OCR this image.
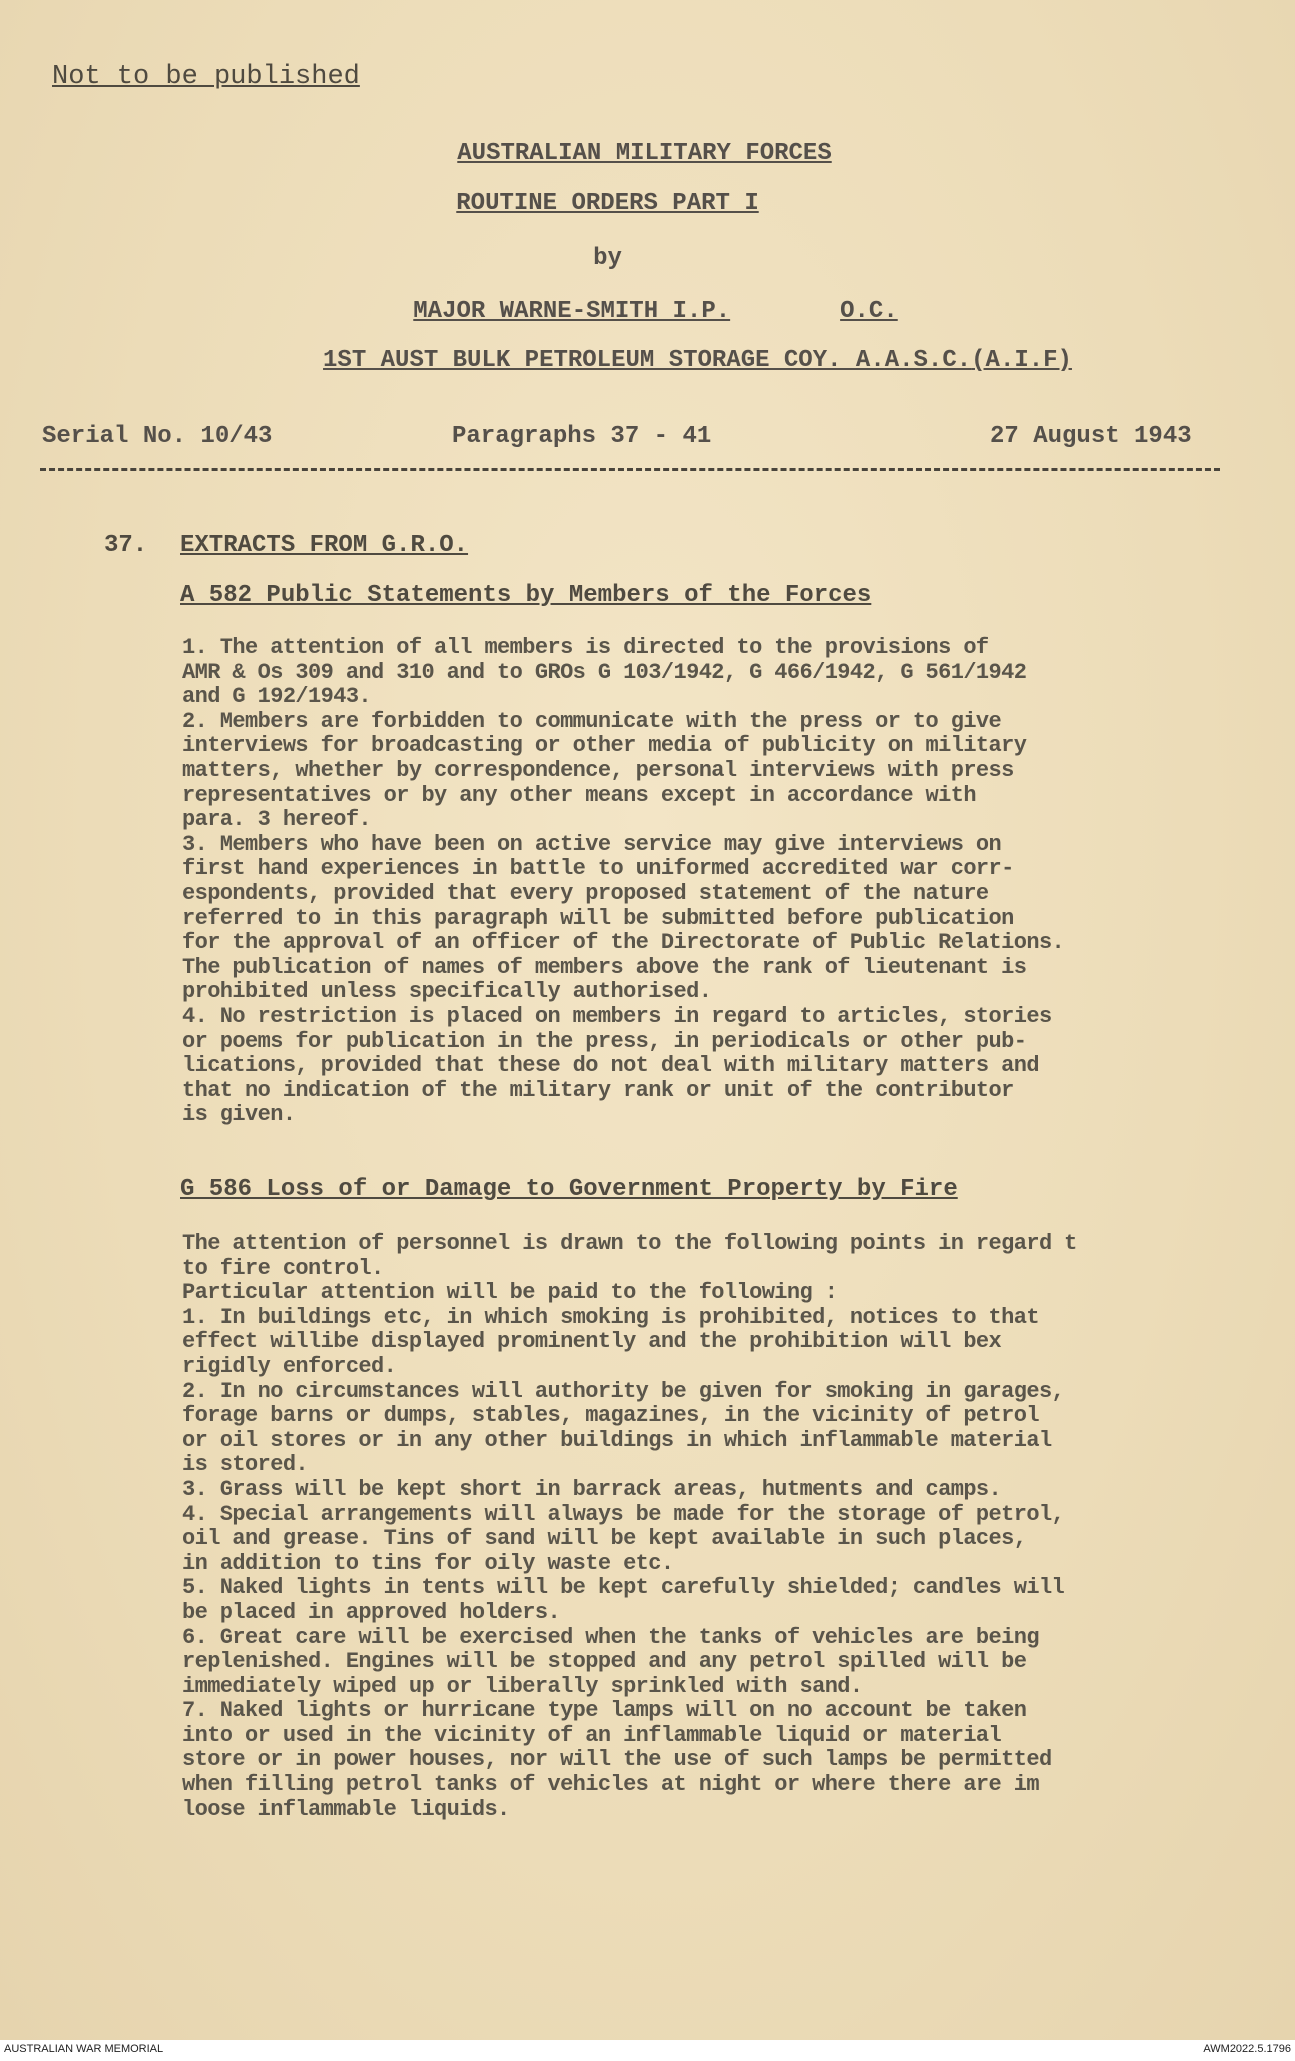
Not to be published
AUSTRALIAN MILITARY FORCES
ROUTINE ORDERS PART I
by
MAJOR WARNE-SMITH I.P.	O.C.
1ST AUST BULK PETROLEUM STORAGE COY. A.A.S.C.(A.I.F)
Serial No. 10/43	Paragraphs 37 - 41	27 August 1943
37. EXTRACTS FROM G.R.O.
A 582 Public Statements by Members of the Forces
1. The attention of all members is directed to the provisions of
AMR & Os 309 and 310 and to GROs G 103/1942, G 466/1942, G 561/1942
and G 192/1943.
2. Members are forbidden to communicate with the press or to give
interviews for broadcasting or other media of publicity on military
matters, whether by correspondence, personal interviews with press
representatives or by any other means except in accordance with
para. 3 hereof.
3. Members who have been on active service may give interviews on
first hand experiences in battle to uniformed accredited war corr-
espondents, provided that every proposed statement of the nature
referred to in this paragraph will be submitted before publication
for the approval of an officer of the Directorate of Public Relations.
The publication of names of members above the rank of lieutenant is
prohibited unless specifically authorised.
4. No restriction is placed on members in regard to articles, stories
or poems for publication in the press, in periodicals or other pub-
lications, provided that these do not deal with military matters and
that no indication of the military rank or unit of the contributor
is given.
G 586 Loss of or Damage to Government Property by Fire
The attention of personnel is drawn to the following points in regard t
to fire control.
Particular attention will be paid to the following :
1. In buildings etc, in which smoking is prohibited, notices to that
effect willibe displayed prominently and the prohibition will bex
rigidly enforced.
2. In no circumstances will authority be given for smoking in garages,
forage barns or dumps, stables, magazines, in the vicinity of petrol
or oil stores or in any other buildings in which inflammable material
is stored.
3. Grass will be kept short in barrack areas, hutments and camps.
4. Special arrangements will always be made for the storage of petrol,
oil and grease. Tins of sand will be kept available in such places,
in addition to tins for oily waste etc.
5. Naked lights in tents will be kept carefully shielded; candles will
be placed in approved holders.
6. Great care will be exercised when the tanks of vehicles are being
replenished. Engines will be stopped and any petrol spilled will be
immediately wiped up or liberally sprinkled with sand.
7. Naked lights or hurricane type lamps will on no account be taken
into or used in the vicinity of an inflammable liquid or material
store or in power houses, nor will the use of such lamps be permitted
when filling petrol tanks of vehicles at night or where there are im
loose inflammable liquids.
AUSTRALIAN WAR MEMORIAL	AWM2022.5.1796
